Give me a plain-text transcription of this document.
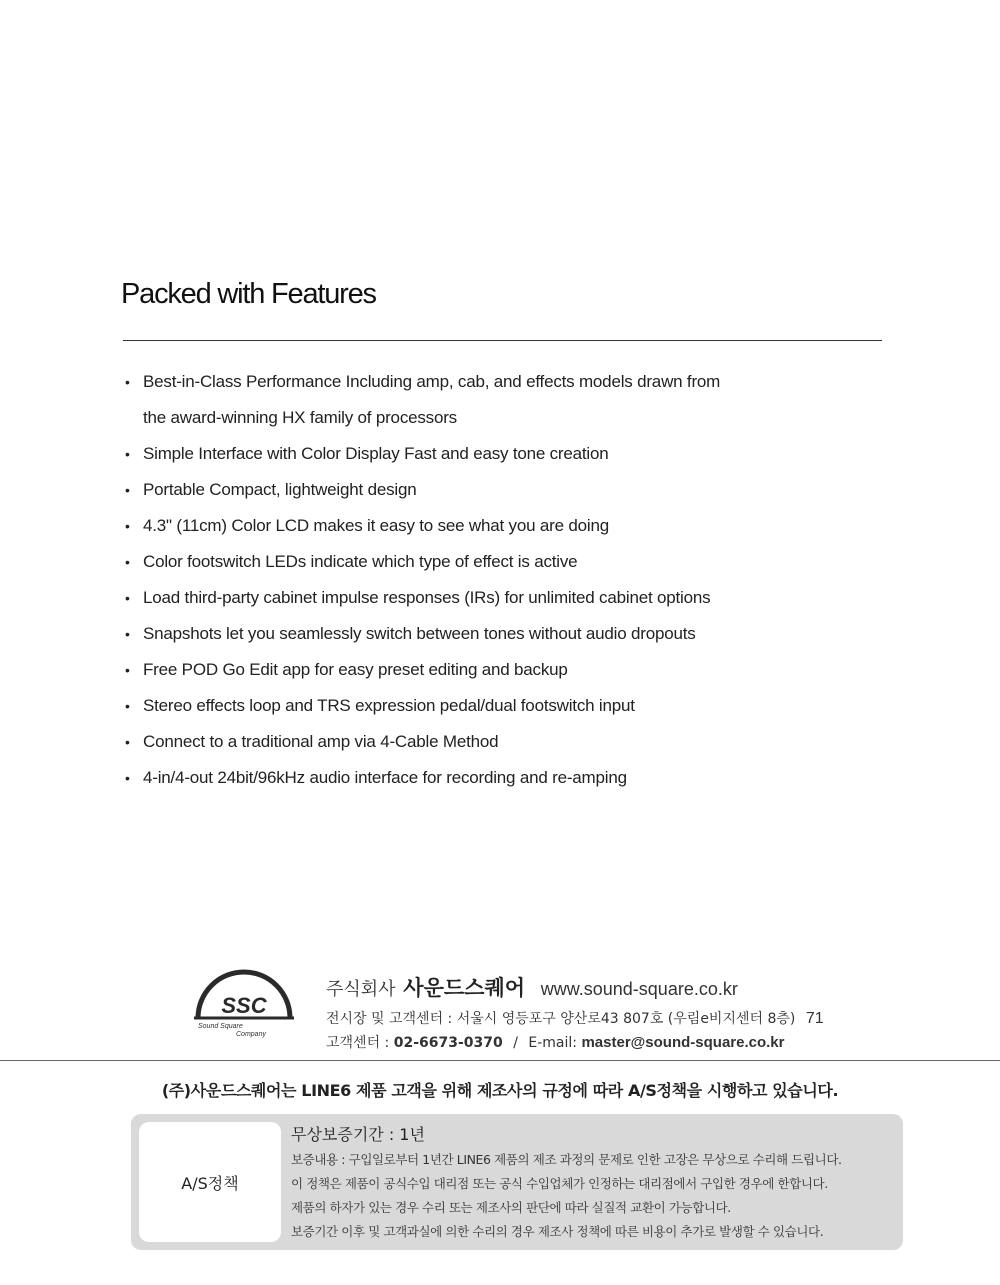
Packed with Features
• Best-in-Class Performance Including amp, cab, and effects models drawn from
the award-winning HX family of processors
• Simple Interface with Color Display Fast and easy tone creation
• Portable Compact, lightweight design
• 4.3" (11cm) Color LCD makes it easy to see what you are doing
• Color footswitch LEDs indicate which type of effect is active
• Load third-party cabinet impulse responses (IRs) for unlimited cabinet options
• Snapshots let you seamlessly switch between tones without audio dropouts
• Free POD Go Edit app for easy preset editing and backup
• Stereo effects loop and TRS expression pedal/dual footswitch input
• Connect to a traditional amp via 4-Cable Method
• 4-in/4-out 24bit/96kHz audio interface for recording and re-amping
SSC
Sound Square
Company
주식회사 사운드스퀘어 www.sound-square.co.kr
전시장 및 고객센터 : 서울시 영등포구 양산로43 807호 (우림e비지센터 8층) 71
고객센터 : 02-6673-0370 / E-mail: master@sound-square.co.kr
(주)사운드스퀘어는 LINE6 제품 고객을 위해 제조사의 규정에 따라 A/S정책을 시행하고 있습니다.
A/S정책
무상보증기간 : 1년
보증내용 : 구입일로부터 1년간 LINE6 제품의 제조 과정의 문제로 인한 고장은 무상으로 수리해 드립니다.
이 정책은 제품이 공식수입 대리점 또는 공식 수입업체가 인정하는 대리점에서 구입한 경우에 한합니다.
제품의 하자가 있는 경우 수리 또는 제조사의 판단에 따라 실질적 교환이 가능합니다.
보증기간 이후 및 고객과실에 의한 수리의 경우 제조사 정책에 따른 비용이 추가로 발생할 수 있습니다.
